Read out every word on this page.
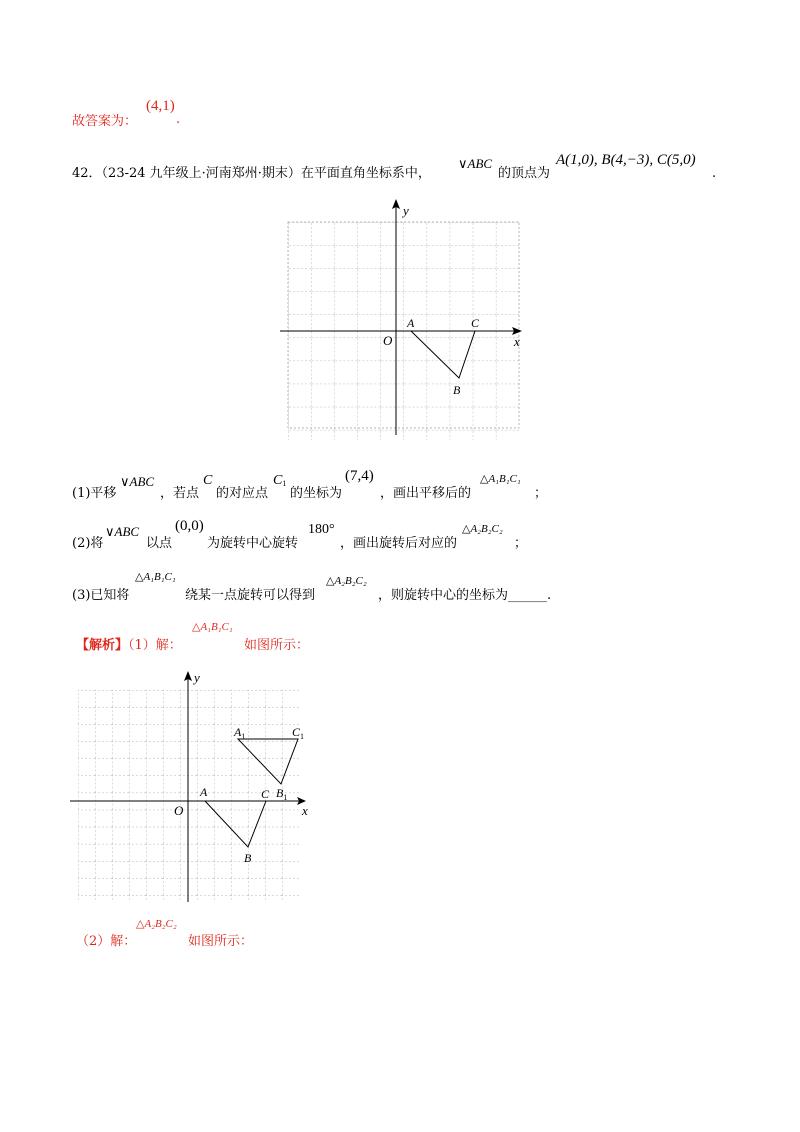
故答案为：
(4,1)
.
42．（23-24 九年级上·河南郑州·期末）在平面直角坐标系中，
∨ABC
的顶点为
A(1,0), B(4,−3), C(5,0)
.
y
x
O
A
B
C
(1)平移
∨ABC
，若点
C
的对应点
$C_1$
的坐标为
(7,4)
，画出平移后的
△A₁B₁C₁
；
(2)将
∨ABC
以点
(0,0)
为旋转中心旋转
180°
，画出旋转后对应的
△A₂B₂C₂
；
(3)已知将
△A₁B₁C₁
绕某一点旋转可以得到
△A₂B₂C₂
，则旋转中心的坐标为______.
【解析】（1）解：
△A₁B₁C₁
如图所示：
y
x
O
A
B
C
$A_1$	$C_1$
$B_1$
（2）解：
△A₂B₂C₂
如图所示：
